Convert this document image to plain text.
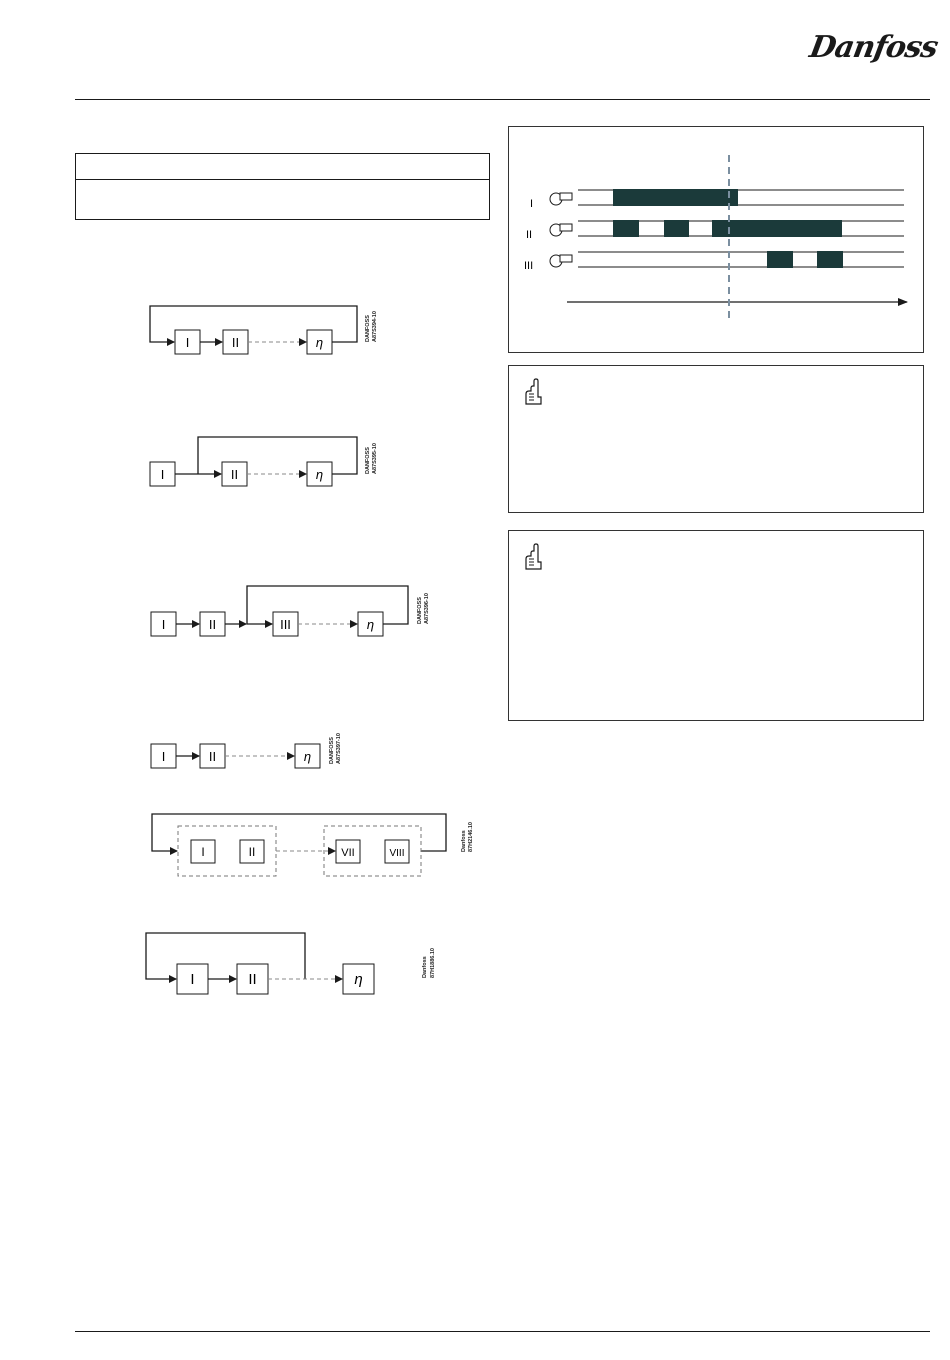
Danfoss
I	II	η
DANFOSS A87S394-10
I	II	η
DANFOSS A87S395-10
I	II	III	η
DANFOSS A87S396-10
I	II	η	DANFOSS A87S397-10
I	II	VII	VIII
Danfoss 87H2146.10
I	II	η
Danfoss 87H1886.10
I
II
III
